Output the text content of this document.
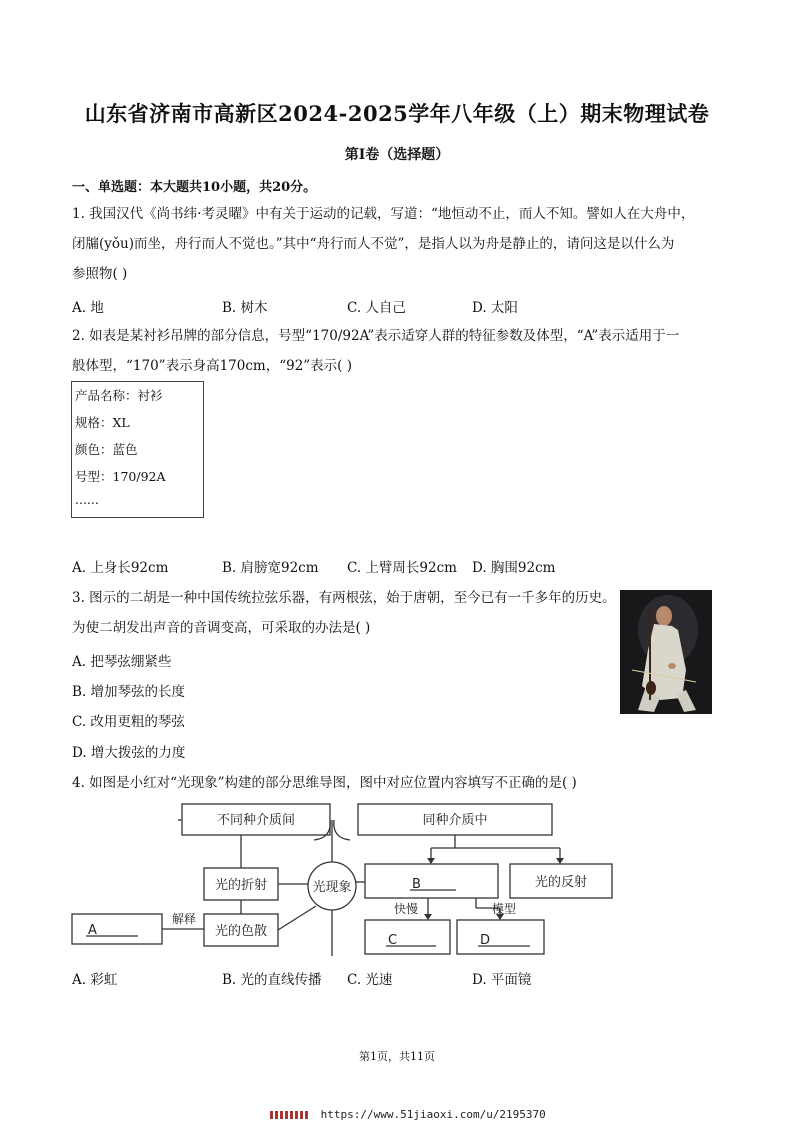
山东省济南市高新区2024-2025学年八年级（上）期末物理试卷
第I卷（选择题）
一、单选题：本大题共10小题，共20分。
1. 我国汉代《尚书纬·考灵曜》中有关于运动的记载，写道：“地恒动不止，而人不知。譬如人在大舟中，
闭牖(yǒu)而坐，舟行而人不觉也。”其中“舟行而人不觉”，是指人以为舟是静止的，请问这是以什么为
参照物( )
A. 地	B. 树木	C. 人自己	D. 太阳
2. 如表是某衬衫吊牌的部分信息，号型“170/92A”表示适穿人群的特征参数及体型，“A”表示适用于一
般体型，“170”表示身高170cm，“92”表示( )
产品名称：衬衫
规格：XL
颜色：蓝色
号型：170/92A
......
A. 上身长92cm	B. 肩膀宽92cm C. 上臂周长92cm D. 胸围92cm
3. 图示的二胡是一种中国传统拉弦乐器，有两根弦，始于唐朝，至今已有一千多年的历史。
为使二胡发出声音的音调变高，可采取的办法是( )
A. 把琴弦绷紧些
B. 增加琴弦的长度
C. 改用更粗的琴弦
D. 增大拨弦的力度
4. 如图是小红对“光现象”构建的部分思维导图，图中对应位置内容填写不正确的是( )
不同种介质间	同种介质中
光的折射
光的色散
光的反射
光现象
解释
快慢	模型
A
B
C	D
A. 彩虹	B. 光的直线传播 C. 光速	D. 平面镜
第1页，共11页
https://www.51jiaoxi.com/u/2195370
